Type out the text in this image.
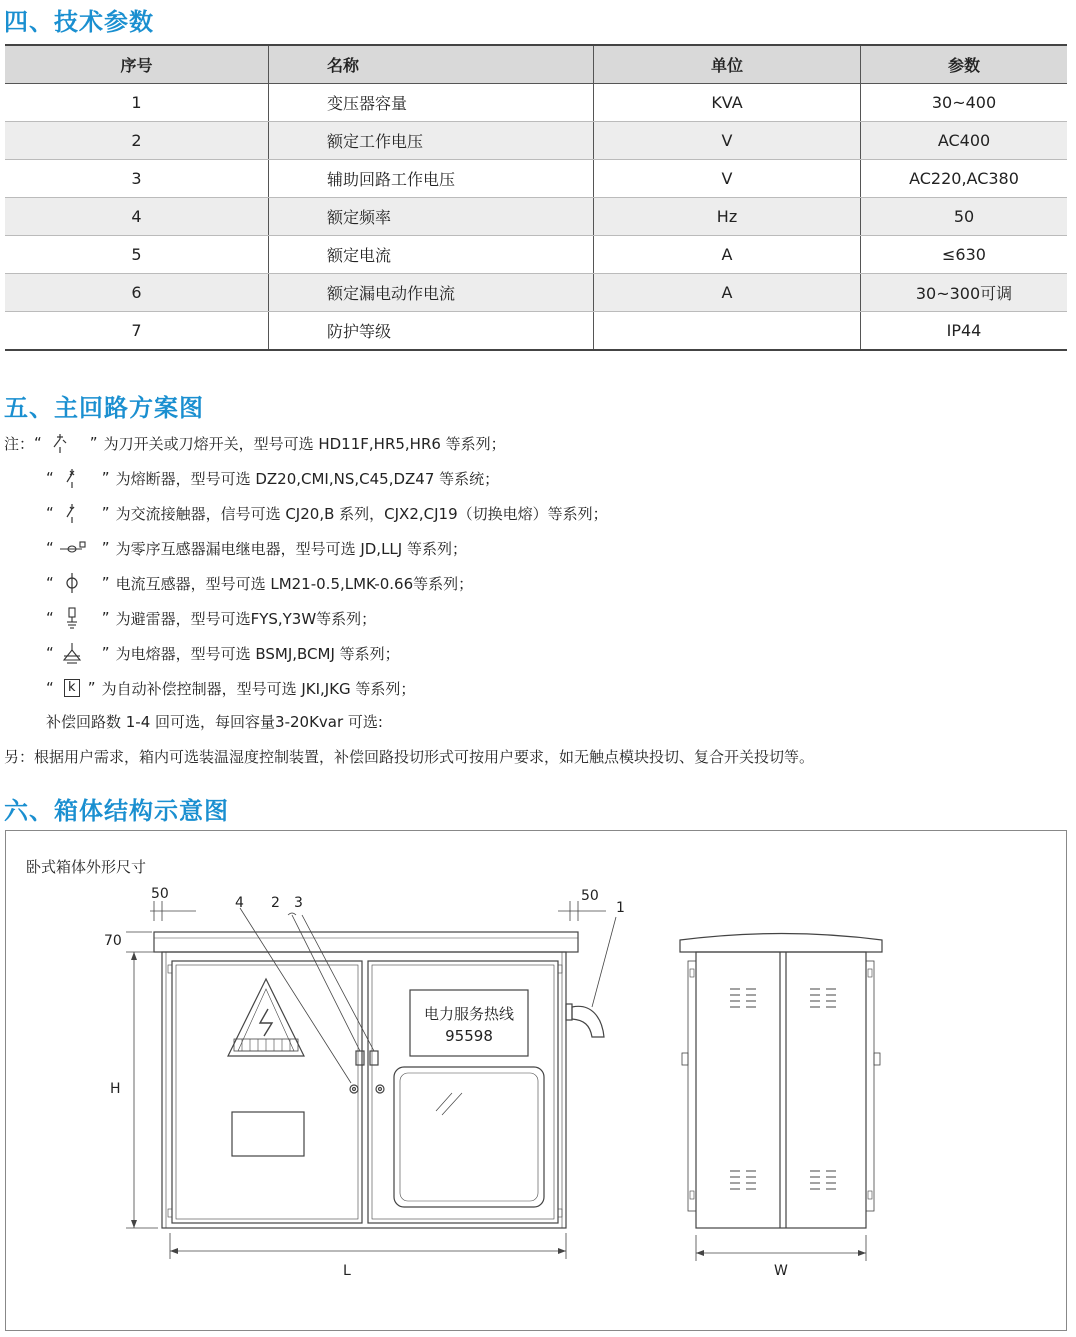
四、技术参数
序号	名称	单位	参数
1	变压器容量	KVA	30~400
2	额定工作电压	V	AC400
3	辅助回路工作电压	V	AC220,AC380
4	额定频率	Hz	50
5	额定电流	A	≤630
6	额定漏电动作电流	A	30~300可调
7	防护等级		IP44
五、主回路方案图
注： “	” 为刀开关或刀熔开关，型号可选 HD11F,HR5,HR6 等系列；
“	” 为熔断器，型号可选 DZ20,CMI,NS,C45,DZ47 等系统；
“	” 为交流接触器，信号可选 CJ20,B 系列，CJX2,CJ19（切换电熔）等系列；
“	” 为零序互感器漏电继电器，型号可选 JD,LLJ 等系列；
“	” 电流互感器，型号可选 LM21-0.5,LMK-0.66等系列；
“	” 为避雷器，型号可选FYS,Y3W等系列；
“	” 为电熔器，型号可选 BSMJ,BCMJ 等系列；
“	k ” 为自动补偿控制器，型号可选 JKI,JKG 等系列；
补偿回路数 1-4 回可选，每回容量3-20Kvar 可选:
另：根据用户需求，箱内可选装温湿度控制装置，补偿回路投切形式可按用户要求，如无触点模块投切、复合开关投切等。
六、箱体结构示意图
卧式箱体外形尺寸
50	50
70
H
L	W
4 2 3	1
电力服务热线
95598
